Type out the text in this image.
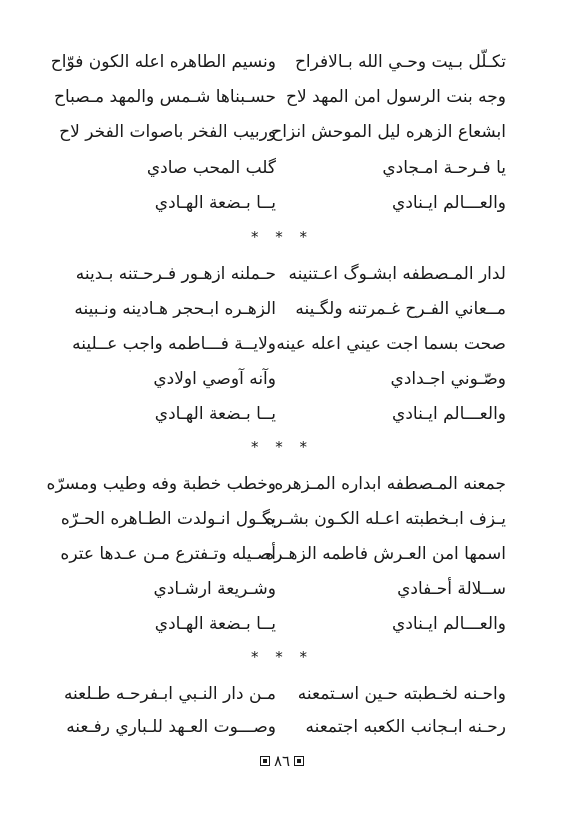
تكـلّل بـيت وحـي الله بـالافراح
ونسيم الطاهره اعله الكون فوّاح
وجه بنت الرسول امن المهد لاح
حسـبناها شـمس والمهد مـصباح
ابشعاع الزهره ليل الموحش انزاح
وربيب الفخر باصوات الفخر لاح
يا فـرحـة امـجادي
گلب المحب صادي
والعـــالم ايـنادي
يــا بـضعة الهـادي
* * *
لدار المـصطفه ابشـوگ اعـتنينه
حـملنه ازهـور فـرحـتنه بـدينه
مــعاني الفـرح غـمرتنه ولگـينه
الزهـره ابـحجر هـادينه ونـبينه
صحت بسما اجت عيني اعله عينه
ولايــة فـــاطمه واجب عــلينه
وصّـوني اجـدادي
وآنه آوصي اولادي
والعـــالم ايـنادي
يــا بـضعة الهـادي
* * *
جمعنه المـصطفه ابداره المـزهره
وخطب خطبة وفه وطيب ومسرّه
يـزف ابـخطبته اعـله الكـون بشـره
يگـول انـولدت الطـاهره الحـرّه
اسمها امن العـرش فاطمه الزهـره
أصـيله وتـفترع مـن عـدها عتره
ســلالة أحـفادي
وشـريعة ارشـادي
والعـــالم ايـنادي
يــا بـضعة الهـادي
* * *
واحـنه لخـطبته حـين اسـتمعنه
مـن دار النـبي ابـفرحـه طـلعنه
رحـنه ابـجانب الكعبه اجتمعنه
وصـــوت العـهد للـباري رفـعنه
٨٦
